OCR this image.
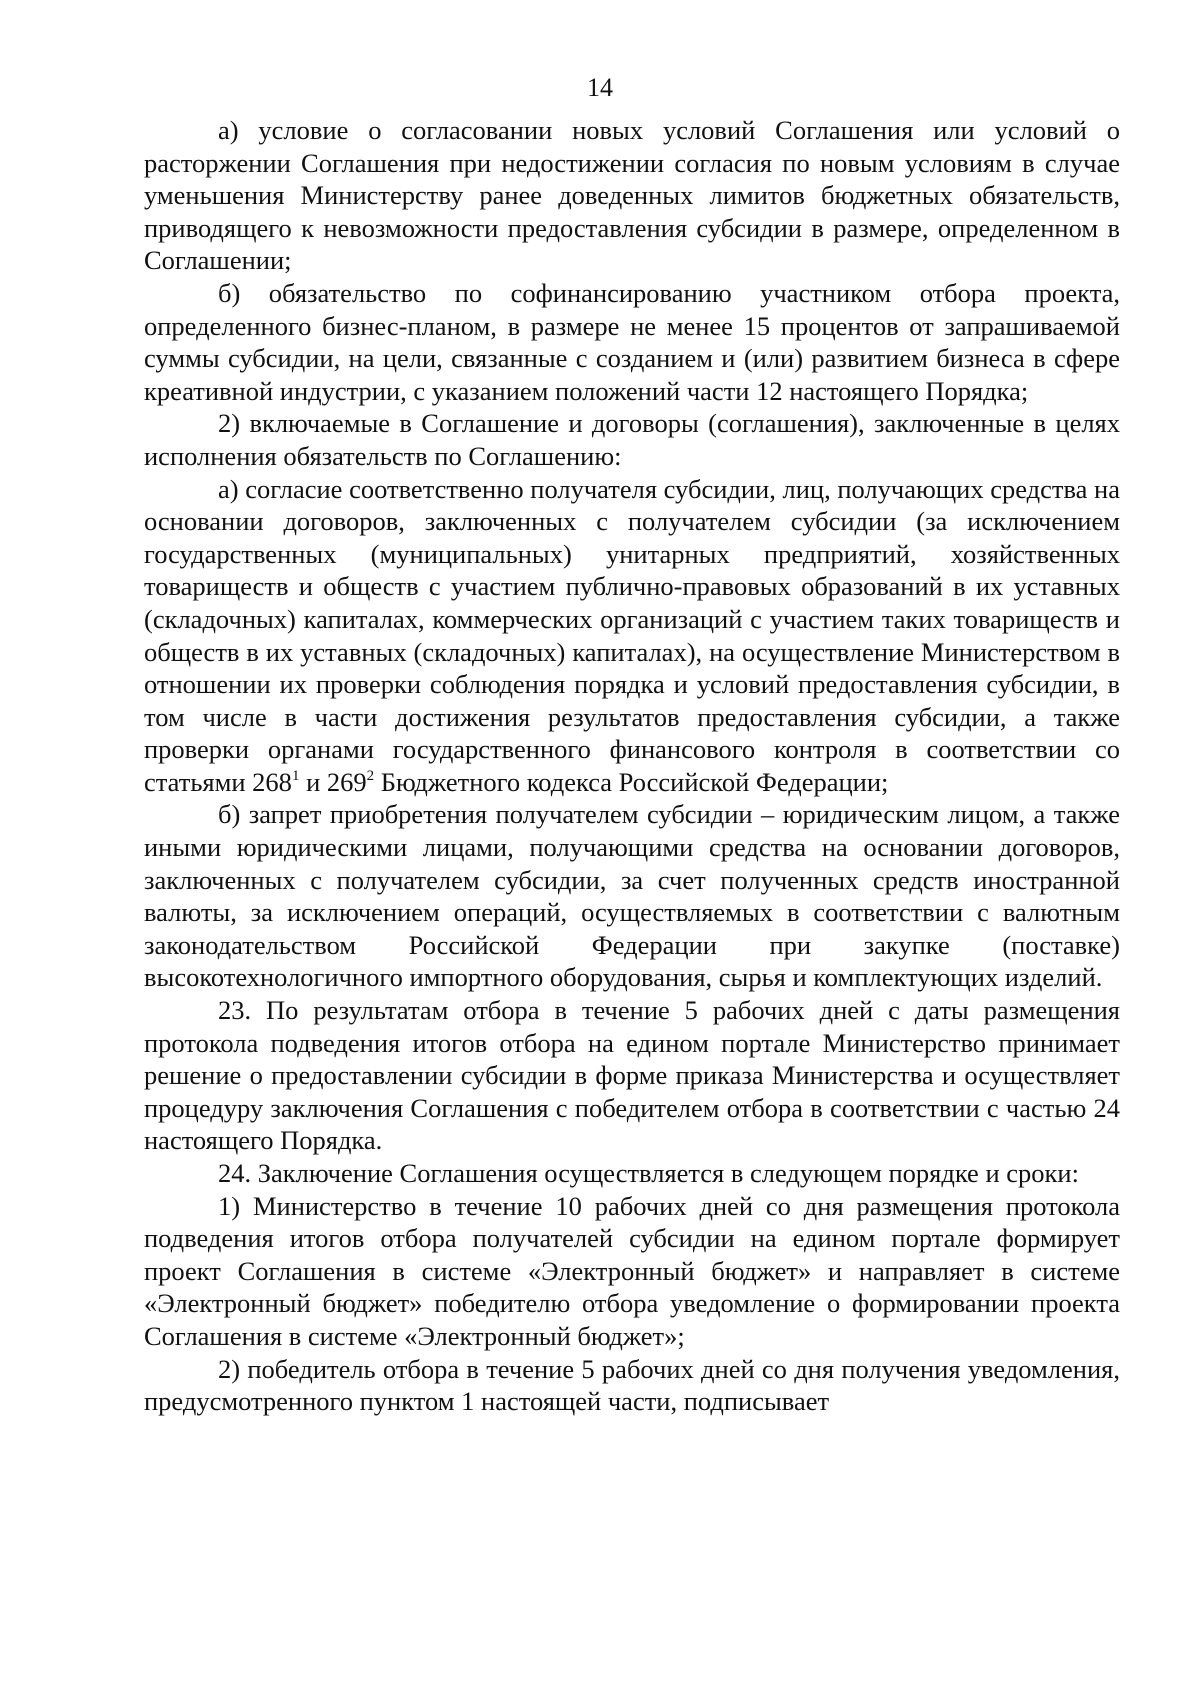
14

а) условие о согласовании новых условий Соглашения или условий о расторжении Соглашения при недостижении согласия по новым условиям в случае уменьшения Министерству ранее доведенных лимитов бюджетных обязательств, приводящего к невозможности предоставления субсидии в размере, определенном в Соглашении;

б) обязательство по софинансированию участником отбора проекта, определенного бизнес-планом, в размере не менее 15 процентов от запрашиваемой суммы субсидии, на цели, связанные с созданием и (или) развитием бизнеса в сфере креативной индустрии, с указанием положений части 12 настоящего Порядка;

2) включаемые в Соглашение и договоры (соглашения), заключенные в целях исполнения обязательств по Соглашению:

а) согласие соответственно получателя субсидии, лиц, получающих средства на основании договоров, заключенных с получателем субсидии (за исключением государственных (муниципальных) унитарных предприятий, хозяйственных товариществ и обществ с участием публично-правовых образований в их уставных (складочных) капиталах, коммерческих организаций с участием таких товариществ и обществ в их уставных (складочных) капиталах), на осуществление Министерством в отношении их проверки соблюдения порядка и условий предоставления субсидии, в том числе в части достижения результатов предоставления субсидии, а также проверки органами государственного финансового контроля в соответствии со статьями $268^1$ и $269^2$ Бюджетного кодекса Российской Федерации;

б) запрет приобретения получателем субсидии – юридическим лицом, а также иными юридическими лицами, получающими средства на основании договоров, заключенных с получателем субсидии, за счет полученных средств иностранной валюты, за исключением операций, осуществляемых в соответствии с валютным законодательством Российской Федерации при закупке (поставке) высокотехнологичного импортного оборудования, сырья и комплектующих изделий.

23. По результатам отбора в течение 5 рабочих дней с даты размещения протокола подведения итогов отбора на едином портале Министерство принимает решение о предоставлении субсидии в форме приказа Министерства и осуществляет процедуру заключения Соглашения с победителем отбора в соответствии с частью 24 настоящего Порядка.

24. Заключение Соглашения осуществляется в следующем порядке и сроки:

1) Министерство в течение 10 рабочих дней со дня размещения протокола подведения итогов отбора получателей субсидии на едином портале формирует проект Соглашения в системе «Электронный бюджет» и направляет в системе «Электронный бюджет» победителю отбора уведомление о формировании проекта Соглашения в системе «Электронный бюджет»;

2) победитель отбора в течение 5 рабочих дней со дня получения уведомления, предусмотренного пунктом 1 настоящей части, подписывает
